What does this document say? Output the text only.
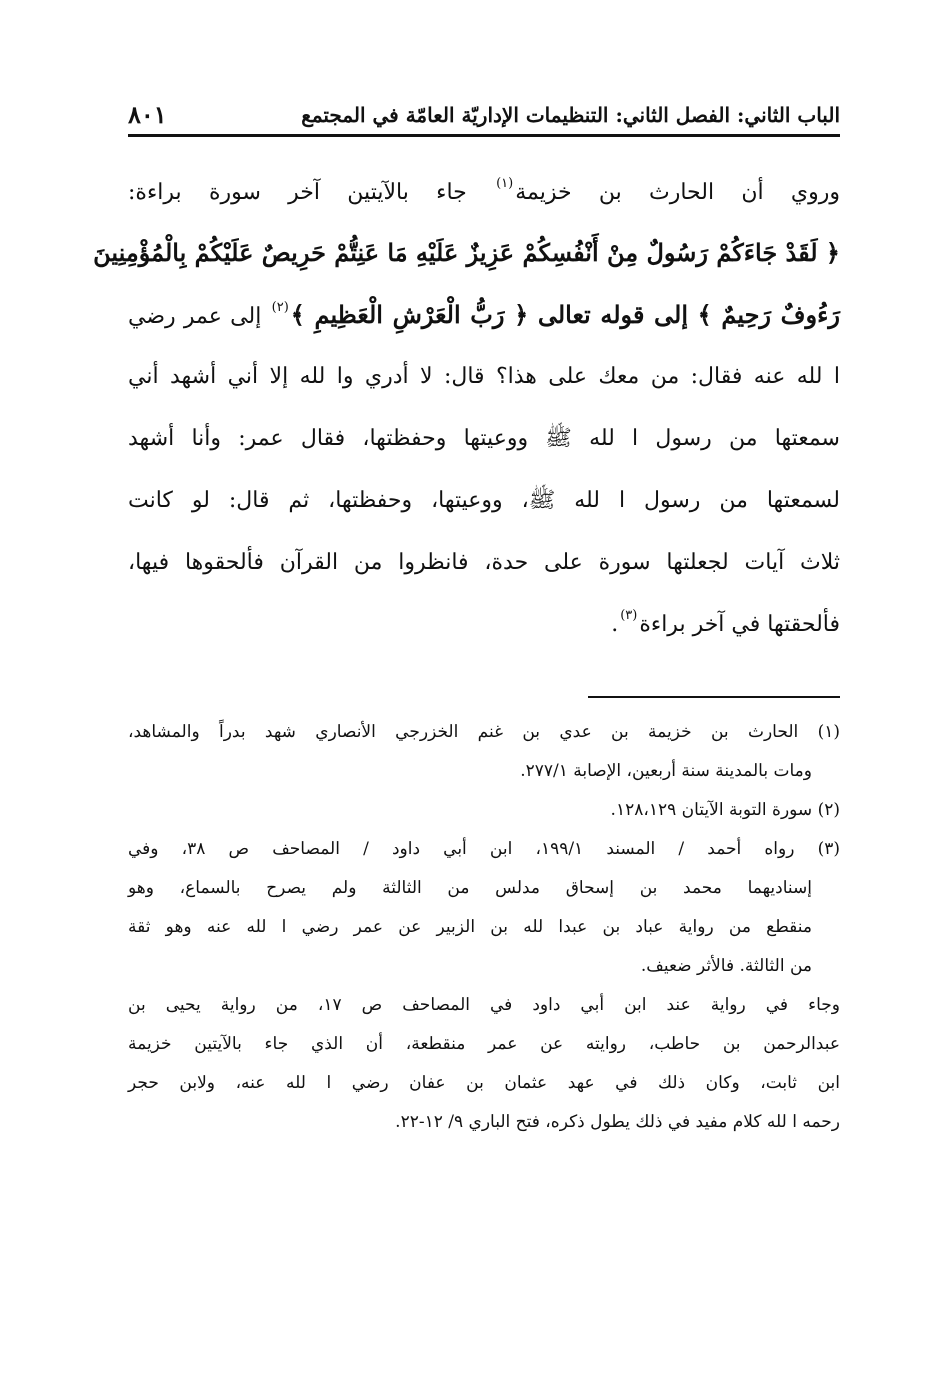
الباب الثاني: الفصل الثاني: التنظيمات الإداريّة العامّة في المجتمع
٨٠١

وروي أن الحارث بن خزيمة$^{(١)}$ جاء بالآيتين آخر سورة براءة:

﴿ لَقَدْ جَاءَكُمْ رَسُولٌ مِنْ أَنْفُسِكُمْ عَزِيزٌ عَلَيْهِ مَا عَنِتُّمْ حَرِيصٌ عَلَيْكُمْ بِالْمُؤْمِنِينَ

رَءُوفٌ رَحِيمٌ ﴾ إلى قوله تعالى ﴿ رَبُّ الْعَرْشِ الْعَظِيمِ ﴾$^{(٢)}$ إلى عمر رضي

ا لله عنه فقال: من معك على هذا؟ قال: لا أدري وا لله إلا أني أشهد أني

سمعتها من رسول ا لله ﷺ ووعيتها وحفظتها، فقال عمر: وأنا أشهد

لسمعتها من رسول ا لله ﷺ، ووعيتها، وحفظتها، ثم قال: لو كانت

ثلاث آيات لجعلتها سورة على حدة، فانظروا من القرآن فألحقوها فيها،

فألحقتها في آخر براءة$^{(٣)}$.

(١) الحارث بن خزيمة بن عدي بن غنم الخزرجي الأنصاري شهد بدراً والمشاهد،
ومات بالمدينة سنة أربعين، الإصابة ٢٧٧/١.
(٢) سورة التوبة الآيتان ١٢٨،١٢٩.
(٣) رواه أحمد / المسند ١٩٩/١، ابن أبي داود / المصاحف ص ٣٨، وفي
إسناديهما محمد بن إسحاق مدلس من الثالثة ولم يصرح بالسماع، وهو
منقطع من رواية عباد بن عبدا لله بن الزبير عن عمر رضي ا لله عنه وهو ثقة
من الثالثة. فالأثر ضعيف.
وجاء في رواية عند ابن أبي داود في المصاحف ص ١٧، من رواية يحيى بن
عبدالرحمن بن حاطب، روايته عن عمر منقطعة، أن الذي جاء بالآيتين خزيمة
ابن ثابت، وكان ذلك في عهد عثمان بن عفان رضي ا لله عنه، ولابن حجر
رحمه ا لله كلام مفيد في ذلك يطول ذكره، فتح الباري ٩/ ١٢-٢٢.
